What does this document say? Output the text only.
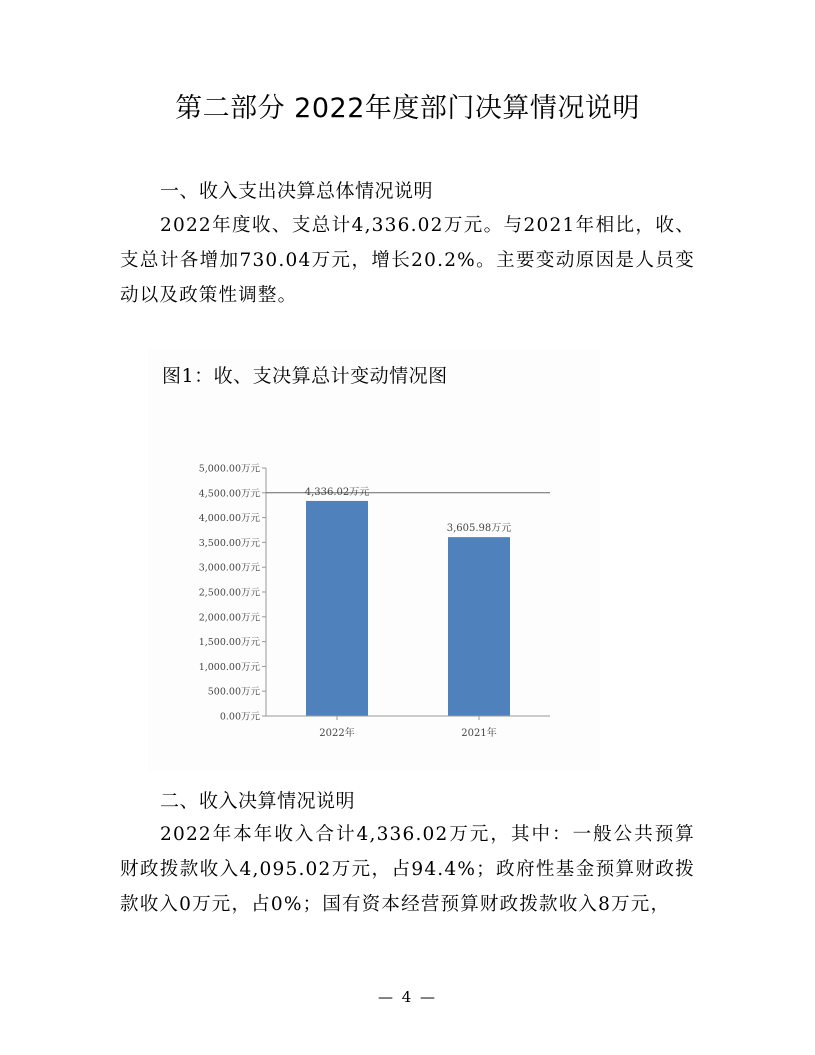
第二部分 2022年度部门决算情况说明
一、收入支出决算总体情况说明

2022年度收、支总计4,336.02万元。与2021年相比，收、支总计各增加730.04万元，增长20.2%。主要变动原因是人员变动以及政策性调整。

图1：收、支决算总计变动情况图
0.00万元
500.00万元
1,000.00万元
1,500.00万元
2,000.00万元
2,500.00万元
3,000.00万元
3,500.00万元
4,000.00万元
4,500.00万元
5,000.00万元
4,336.02万元
3,605.98万元
2022年	2021年
二、收入决算情况说明

2022年本年收入合计4,336.02万元，其中：一般公共预算财政拨款收入4,095.02万元，占94.4%；政府性基金预算财政拨款收入0万元，占0%；国有资本经营预算财政拨款收入8万元，

— 4 —
